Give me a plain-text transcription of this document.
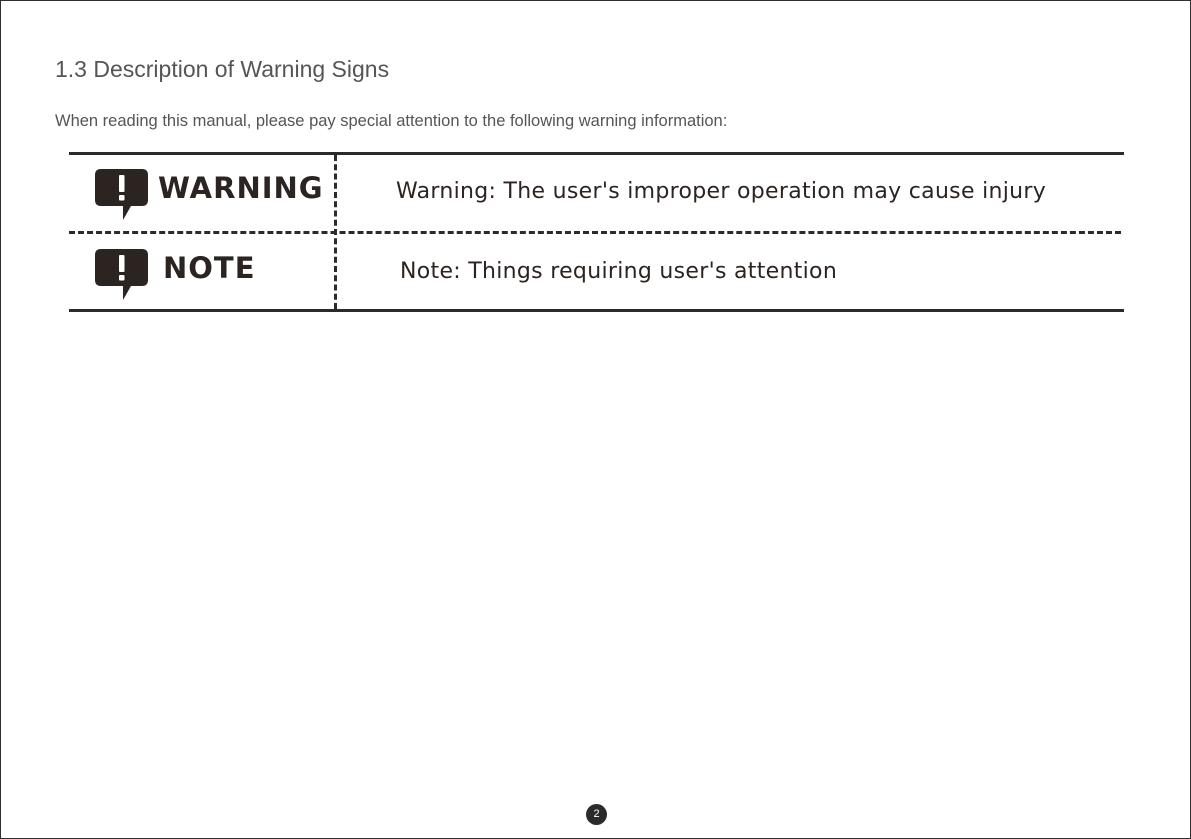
1.3 Description of Warning Signs

When reading this manual, please pay special attention to the following warning information:

WARNING	Warning: The user's improper operation may cause injury
NOTE	Note: Things requiring user's attention
2
